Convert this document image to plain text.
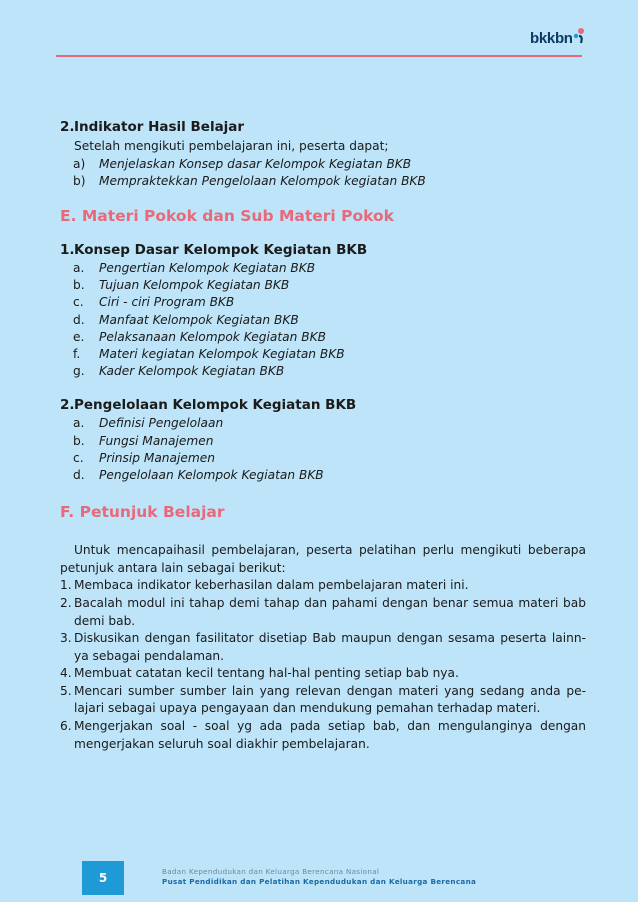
bkkbn
2. Indikator Hasil Belajar
Setelah mengikuti pembelajaran ini, peserta dapat;
a)	Menjelaskan Konsep dasar Kelompok Kegiatan BKB
b)	Mempraktekkan Pengelolaan Kelompok kegiatan BKB
E. Materi Pokok dan Sub Materi Pokok
1. Konsep Dasar Kelompok Kegiatan BKB
a.	Pengertian Kelompok Kegiatan BKB
b.	Tujuan Kelompok Kegiatan BKB
c.	Ciri - ciri Program BKB
d.	Manfaat Kelompok Kegiatan BKB
e.	Pelaksanaan Kelompok Kegiatan BKB
f.	Materi kegiatan Kelompok Kegiatan BKB
g.	Kader Kelompok Kegiatan BKB
2. Pengelolaan Kelompok Kegiatan BKB
a.	Definisi Pengelolaan
b.	Fungsi Manajemen
c.	Prinsip Manajemen
d.	Pengelolaan Kelompok Kegiatan BKB
F. Petunjuk Belajar
Untuk mencapaihasil pembelajaran, peserta pelatihan perlu mengikuti beberapa petunjuk antara lain sebagai berikut:
1. Membaca indikator keberhasilan dalam pembelajaran materi ini.
2. Bacalah modul ini tahap demi tahap dan pahami dengan benar semua materi bab demi bab.
3. Diskusikan dengan fasilitator disetiap Bab maupun dengan sesama peserta lainn-ya sebagai pendalaman.
4. Membuat catatan kecil tentang hal-hal penting setiap bab nya.
5. Mencari sumber sumber lain yang relevan dengan materi yang sedang anda pe-lajari sebagai upaya pengayaan dan mendukung pemahan terhadap materi.
6. Mengerjakan soal - soal yg ada pada setiap bab, dan mengulanginya dengan mengerjakan seluruh soal diakhir pembelajaran.
5	Badan Kependudukan dan Keluarga Berencana Nasional
Pusat Pendidikan dan Pelatihan Kependudukan dan Keluarga Berencana
